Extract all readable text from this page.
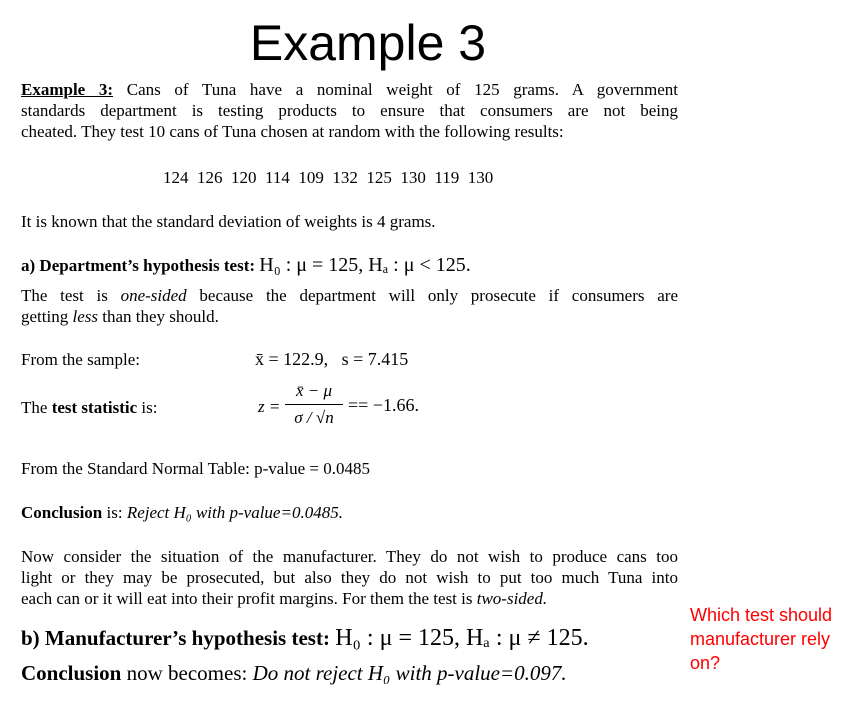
Example 3
Example 3: Cans of Tuna have a nominal weight of 125 grams. A government
standards department is testing products to ensure that consumers are not being
cheated. They test 10 cans of Tuna chosen at random with the following results:
124  126  120  114  109  132  125  130  119  130
It is known that the standard deviation of weights is 4 grams.
a) Department’s hypothesis test: H₀ : μ = 125, Hₐ : μ < 125.
The test is one-sided because the department will only prosecute if consumers are
getting less than they should.
From the sample:	x̄ = 122.9,   s = 7.415
The test statistic is:	z =
x̄ − μ
σ / √n
== −1.66.
From the Standard Normal Table: p-value = 0.0485
Conclusion is: Reject H₀ with p-value=0.0485.
Now consider the situation of the manufacturer. They do not wish to produce cans too
light or they may be prosecuted, but also they do not wish to put too much Tuna into
each can or it will eat into their profit margins. For them the test is two-sided.
b) Manufacturer’s hypothesis test: H₀ : μ = 125, Hₐ : μ ≠ 125.
Conclusion now becomes: Do not reject H₀ with p-value=0.097.
Which test should
manufacturer rely
on?
